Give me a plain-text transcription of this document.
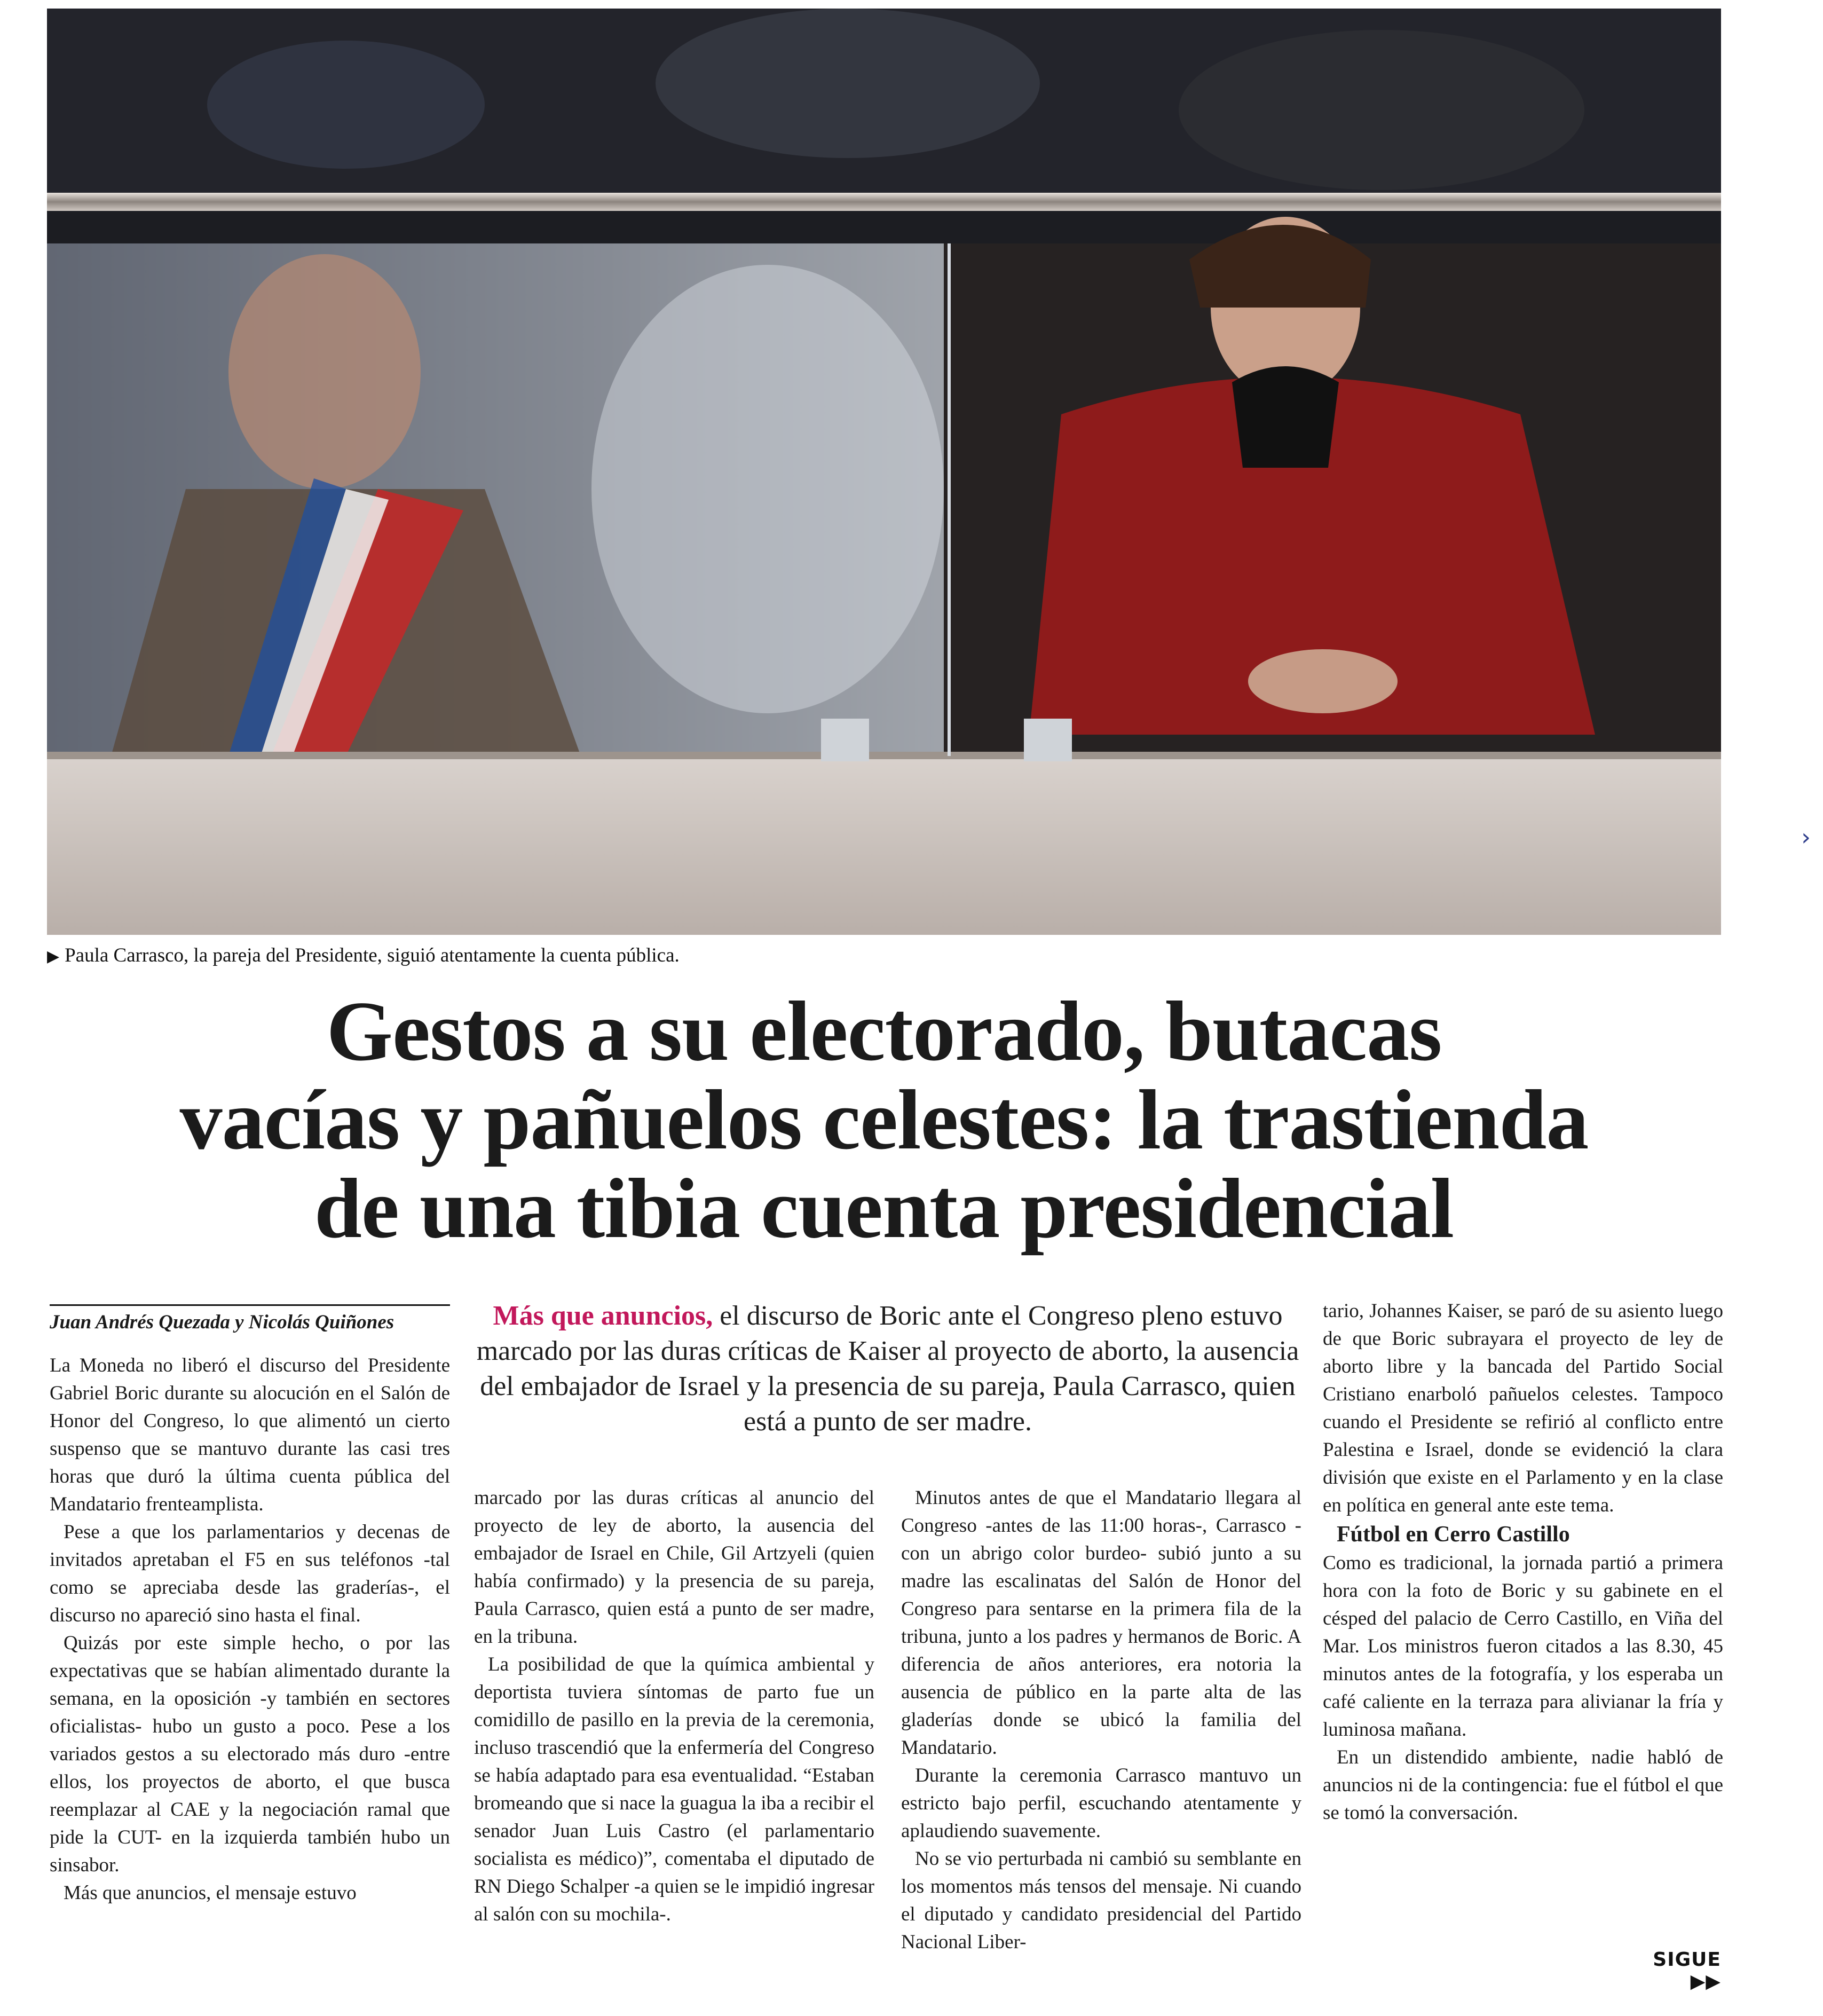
▶ Paula Carrasco, la pareja del Presidente, siguió atentamente la cuenta pública.
Gestos a su electorado, butacas
vacías y pañuelos celestes: la trastienda
de una tibia cuenta presidencial
Juan Andrés Quezada y Nicolás Quiñones	Más que anuncios, el discurso de Boric ante el Congreso pleno estuvo marcado por las duras críticas de Kaiser al proyecto de aborto, la ausencia del embajador de Israel y la presencia de su pareja, Paula Carrasco, quien está a punto de ser madre.

La Moneda no liberó el discurso del Presidente Gabriel Boric durante su alocución en el Salón de Honor del Congreso, lo que alimentó un cierto suspenso que se mantuvo durante las casi tres horas que duró la última cuenta pública del Mandatario frenteamplista.

Pese a que los parlamentarios y decenas de invitados apretaban el F5 en sus teléfonos -tal como se apreciaba desde las graderías-, el discurso no apareció sino hasta el final.

Quizás por este simple hecho, o por las expectativas que se habían alimentado durante la semana, en la oposición -y también en sectores oficialistas- hubo un gusto a poco. Pese a los variados gestos a su electorado más duro -entre ellos, los proyectos de aborto, el que busca reemplazar al CAE y la negociación ramal que pide la CUT- en la izquierda también hubo un sinsabor.

Más que anuncios, el mensaje estuvo

marcado por las duras críticas al anuncio del proyecto de ley de aborto, la ausencia del embajador de Israel en Chile, Gil Artzyeli (quien había confirmado) y la presencia de su pareja, Paula Carrasco, quien está a punto de ser madre, en la tribuna.

La posibilidad de que la química ambiental y deportista tuviera síntomas de parto fue un comidillo de pasillo en la previa de la ceremonia, incluso trascendió que la enfermería del Congreso se había adaptado para esa eventualidad. “Estaban bromeando que si nace la guagua la iba a recibir el senador Juan Luis Castro (el parlamentario socialista es médico)”, comentaba el diputado de RN Diego Schalper -a quien se le impidió ingresar al salón con su mochila-.

Minutos antes de que el Mandatario llegara al Congreso -antes de las 11:00 horas-, Carrasco -con un abrigo color burdeo- subió junto a su madre las escalinatas del Salón de Honor del Congreso para sentarse en la primera fila de la tribuna, junto a los padres y hermanos de Boric. A diferencia de años anteriores, era notoria la ausencia de público en la parte alta de las gladerías donde se ubicó la familia del Mandatario.

Durante la ceremonia Carrasco mantuvo un estricto bajo perfil, escuchando atentamente y aplaudiendo suavemente.

No se vio perturbada ni cambió su semblante en los momentos más tensos del mensaje. Ni cuando el diputado y candidato presidencial del Partido Nacional Liber-

tario, Johannes Kaiser, se paró de su asiento luego de que Boric subrayara el proyecto de ley de aborto libre y la bancada del Partido Social Cristiano enarboló pañuelos celestes. Tampoco cuando el Presidente se refirió al conflicto entre Palestina e Israel, donde se evidenció la clara división que existe en el Parlamento y en la clase en política en general ante este tema.

Fútbol en Cerro Castillo

Como es tradicional, la jornada partió a primera hora con la foto de Boric y su gabinete en el césped del palacio de Cerro Castillo, en Viña del Mar. Los ministros fueron citados a las 8.30, 45 minutos antes de la fotografía, y los esperaba un café caliente en la terraza para alivianar la fría y luminosa mañana.

En un distendido ambiente, nadie habló de anuncios ni de la contingencia: fue el fútbol el que se tomó la conversación.

SIGUE ▶▶
›
